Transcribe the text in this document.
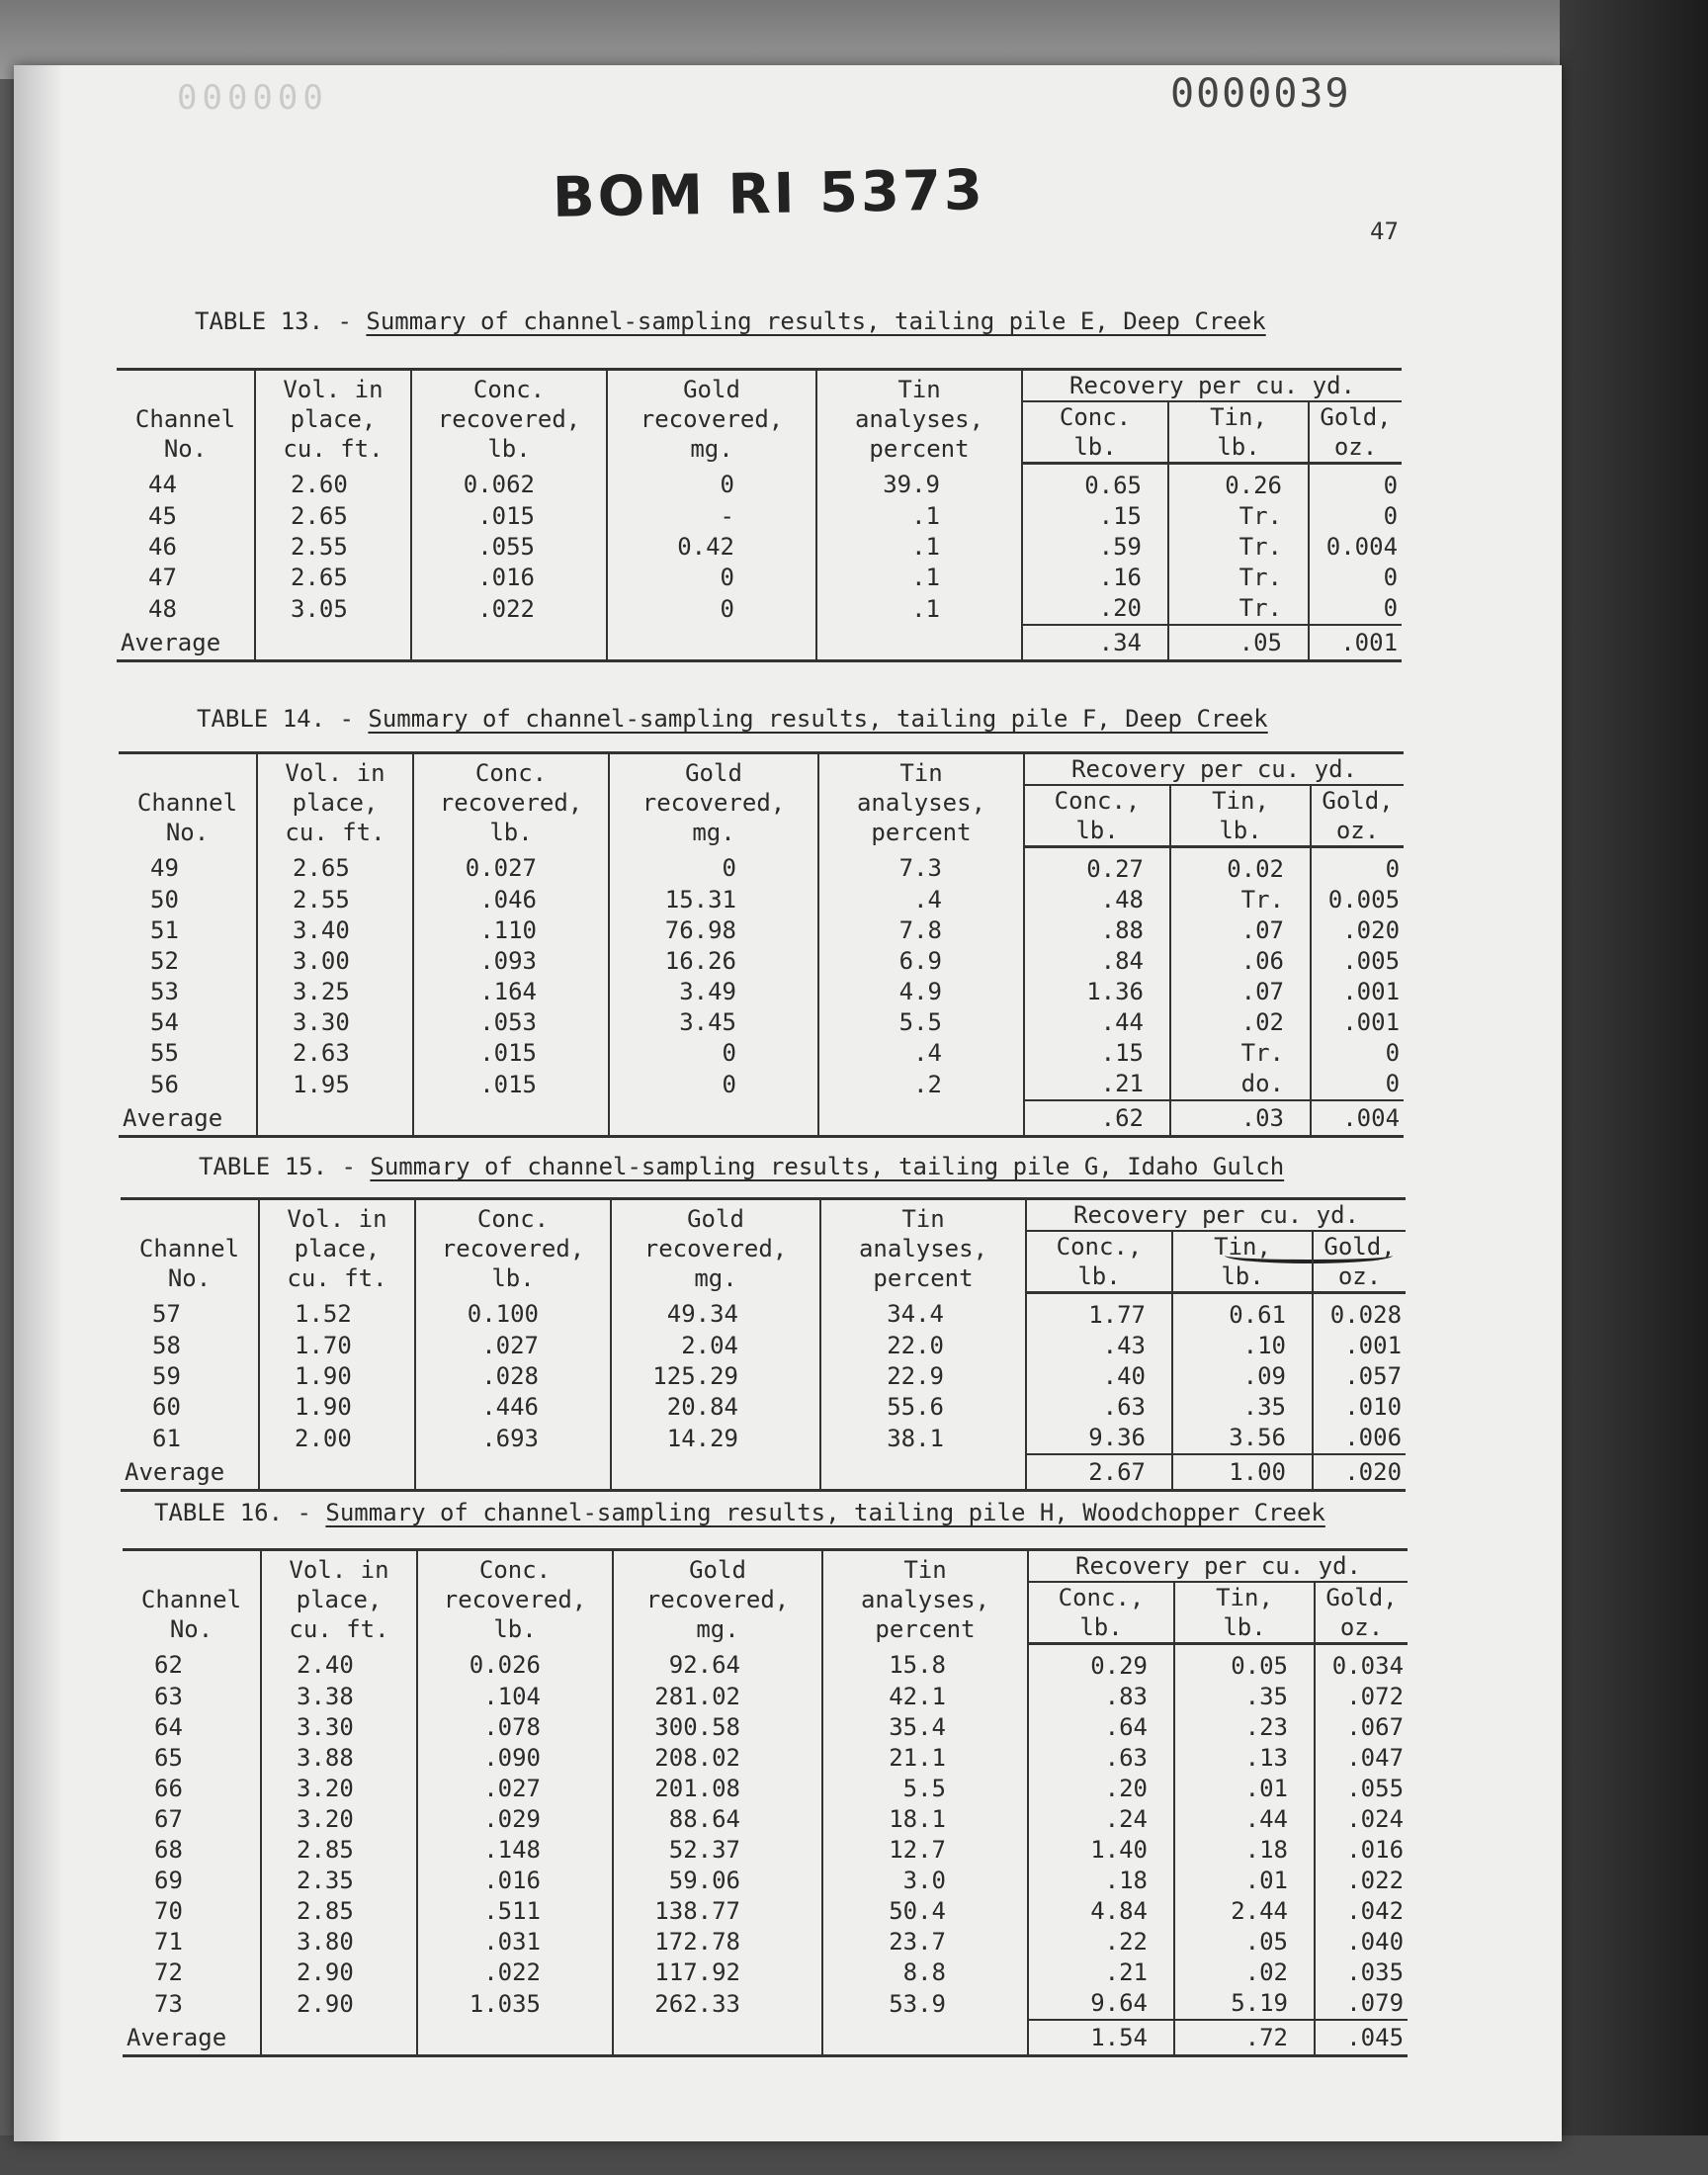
000000	0000039
BOM RI 5373
47
TABLE 13. - Summary of channel-sampling results, tailing pile E, Deep Creek
Channel
No.	Vol. in
place,
cu. ft.	Conc.
recovered,
lb.	Gold
recovered,
mg.	Tin
analyses,
percent	Recovery per cu. yd.		
					Conc.
lb.	Tin,
lb.	Gold,
oz.
44	2.60	0.062	0	39.9	0.65	0.26	0
45	2.65	.015	-	.1	.15	Tr.	0
46	2.55	.055	0.42	.1	.59	Tr.	0.004
47	2.65	.016	0	.1	.16	Tr.	0
48	3.05	.022	0	.1	.20	Tr.	0
Average					.34	.05	.001
TABLE 14. - Summary of channel-sampling results, tailing pile F, Deep Creek
Channel
No.	Vol. in
place,
cu. ft.	Conc.
recovered,
lb.	Gold
recovered,
mg.	Tin
analyses,
percent	Recovery per cu. yd.		
					Conc.,
lb.	Tin,
lb.	Gold,
oz.
49	2.65	0.027	0	7.3	0.27	0.02	0
50	2.55	.046	15.31	.4	.48	Tr.	0.005
51	3.40	.110	76.98	7.8	.88	.07	.020
52	3.00	.093	16.26	6.9	.84	.06	.005
53	3.25	.164	3.49	4.9	1.36	.07	.001
54	3.30	.053	3.45	5.5	.44	.02	.001
55	2.63	.015	0	.4	.15	Tr.	0
56	1.95	.015	0	.2	.21	do.	0
Average					.62	.03	.004
TABLE 15. - Summary of channel-sampling results, tailing pile G, Idaho Gulch
Channel
No.	Vol. in
place,
cu. ft.	Conc.
recovered,
lb.	Gold
recovered,
mg.	Tin
analyses,
percent	Recovery per cu. yd.		
					Conc.,
lb.	Tin,
lb.	Gold,
oz.
57	1.52	0.100	49.34	34.4	1.77	0.61	0.028
58	1.70	.027	2.04	22.0	.43	.10	.001
59	1.90	.028	125.29	22.9	.40	.09	.057
60	1.90	.446	20.84	55.6	.63	.35	.010
61	2.00	.693	14.29	38.1	9.36	3.56	.006
Average					2.67	1.00	.020
TABLE 16. - Summary of channel-sampling results, tailing pile H, Woodchopper Creek
Channel
No.	Vol. in
place,
cu. ft.	Conc.
recovered,
lb.	Gold
recovered,
mg.	Tin
analyses,
percent	Recovery per cu. yd.		
					Conc.,
lb.	Tin,
lb.	Gold,
oz.
62	2.40	0.026	92.64	15.8	0.29	0.05	0.034
63	3.38	.104	281.02	42.1	.83	.35	.072
64	3.30	.078	300.58	35.4	.64	.23	.067
65	3.88	.090	208.02	21.1	.63	.13	.047
66	3.20	.027	201.08	5.5	.20	.01	.055
67	3.20	.029	88.64	18.1	.24	.44	.024
68	2.85	.148	52.37	12.7	1.40	.18	.016
69	2.35	.016	59.06	3.0	.18	.01	.022
70	2.85	.511	138.77	50.4	4.84	2.44	.042
71	3.80	.031	172.78	23.7	.22	.05	.040
72	2.90	.022	117.92	8.8	.21	.02	.035
73	2.90	1.035	262.33	53.9	9.64	5.19	.079
Average					1.54	.72	.045
